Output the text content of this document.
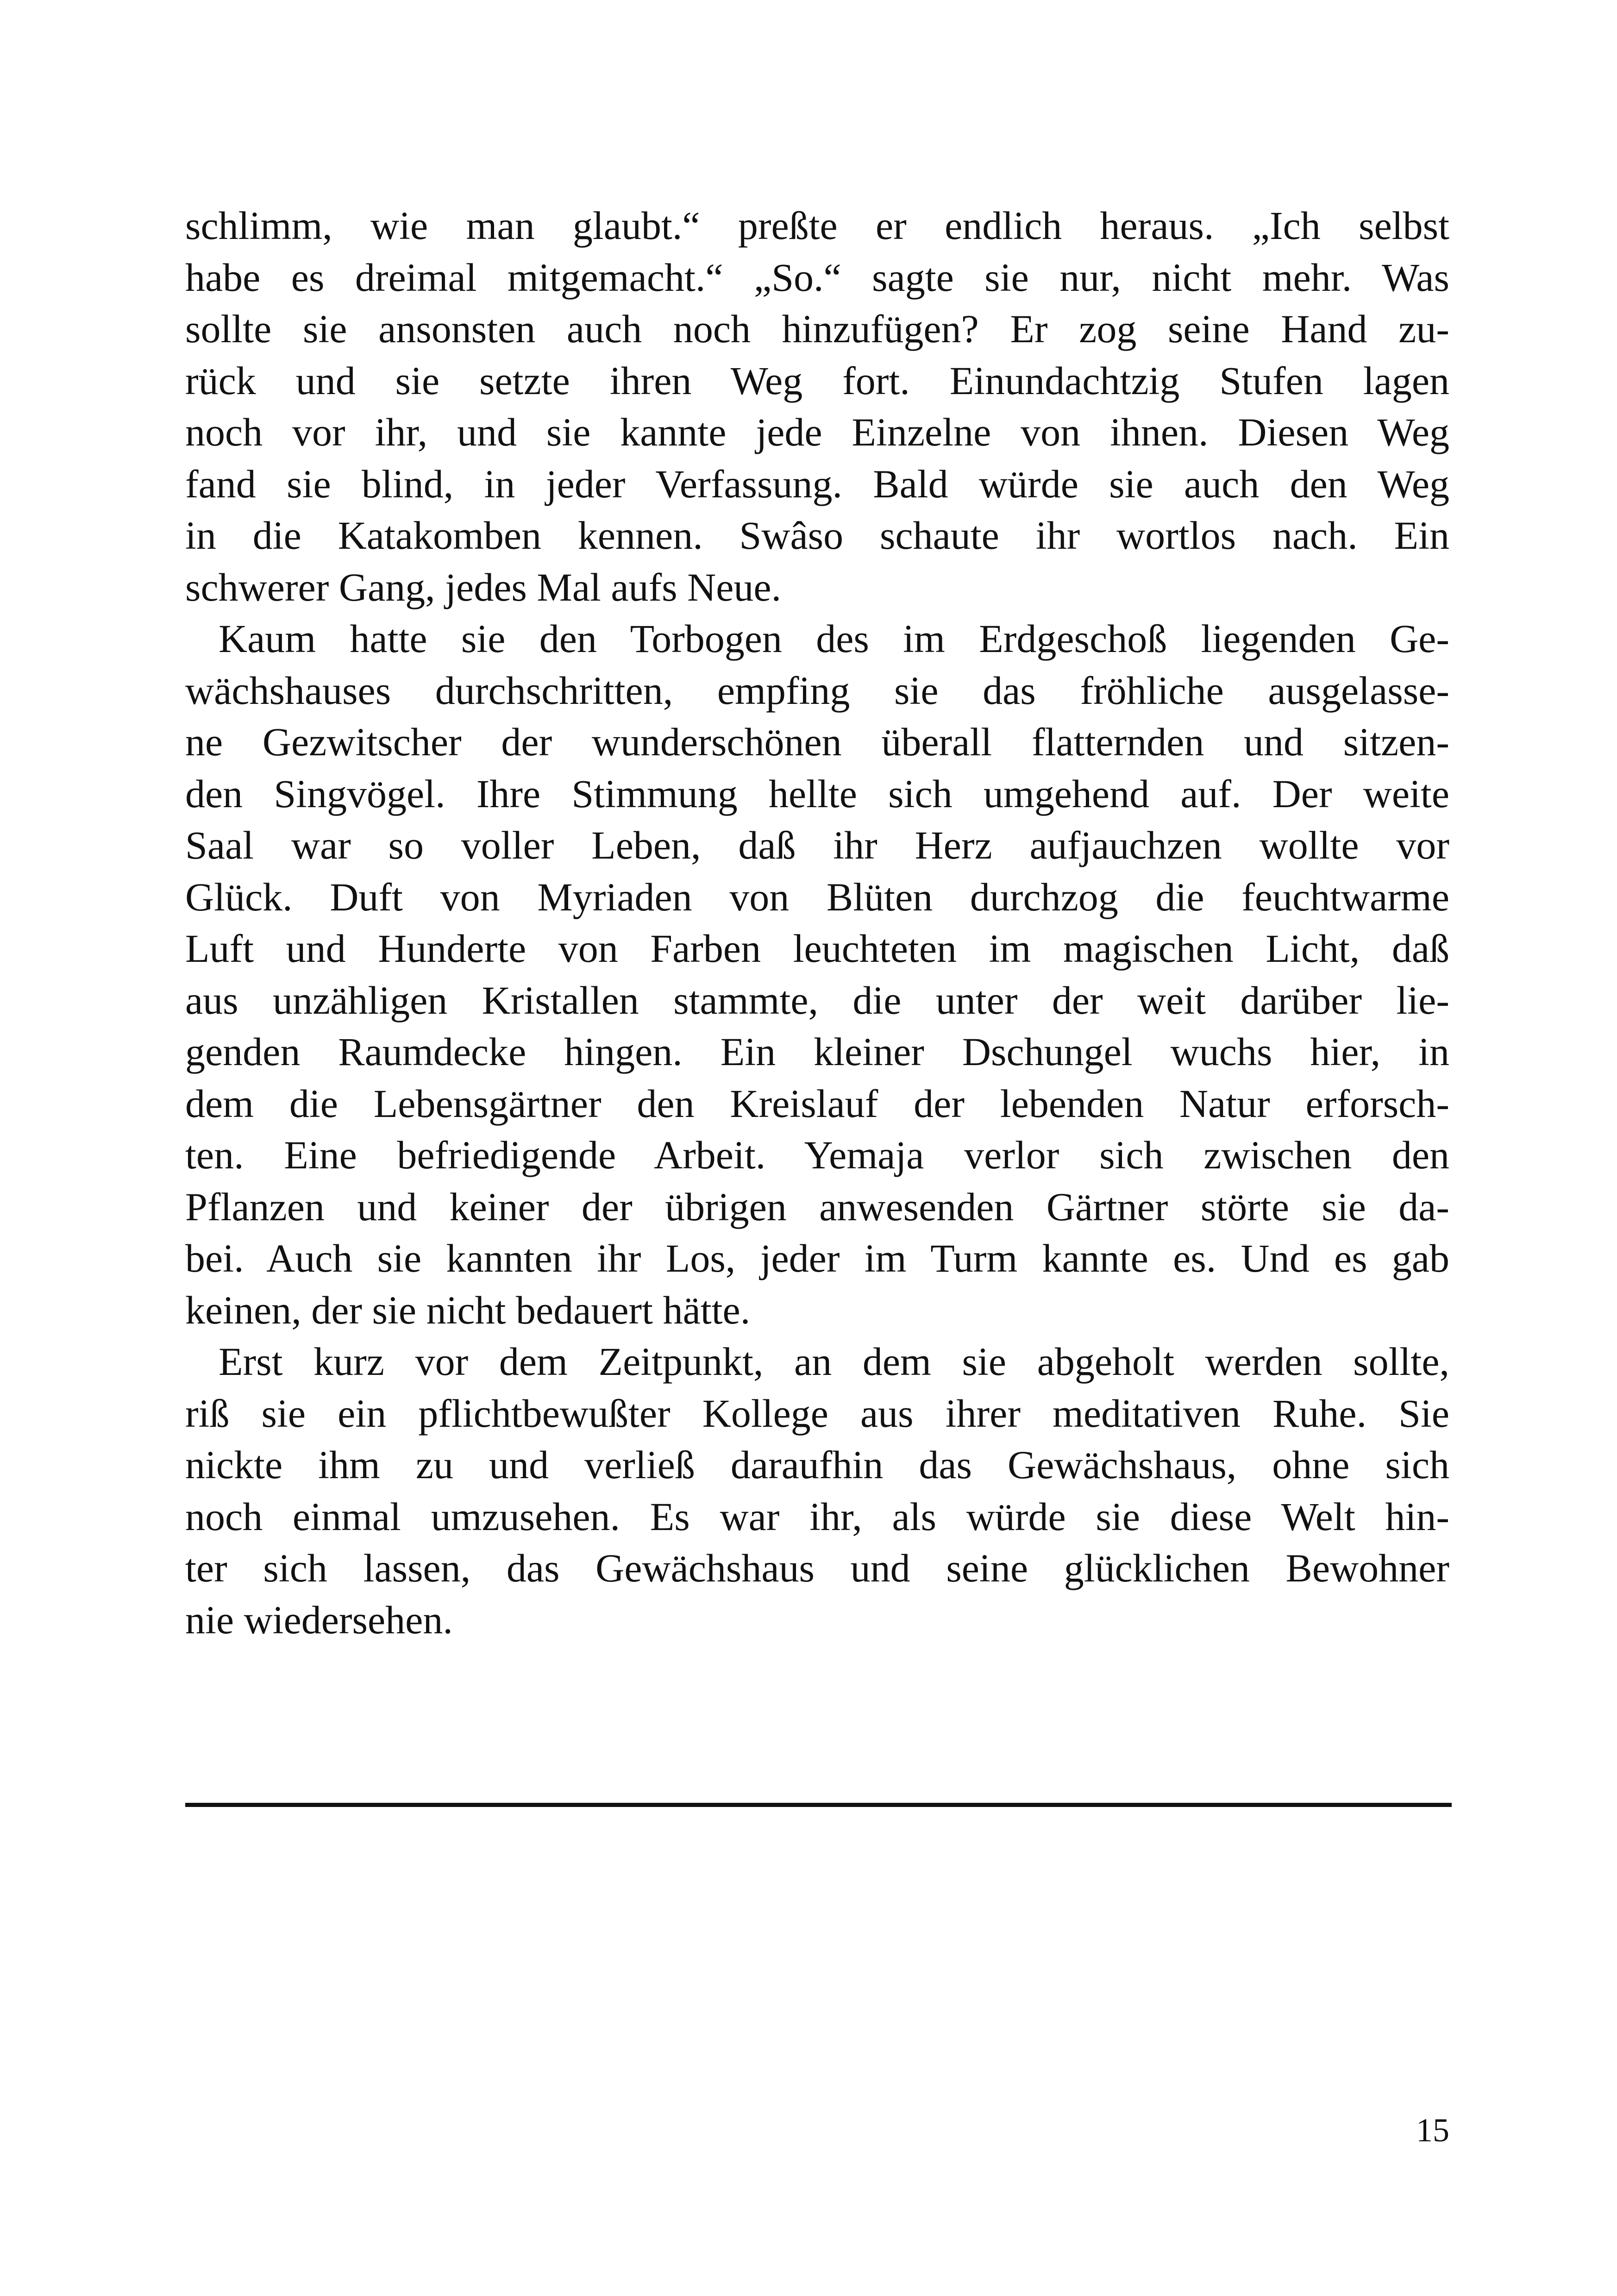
schlimm, wie man glaubt.“ preßte er endlich heraus. „Ich selbst
habe es dreimal mitgemacht.“ „So.“ sagte sie nur, nicht mehr. Was
sollte sie ansonsten auch noch hinzufügen? Er zog seine Hand zu-
rück und sie setzte ihren Weg fort. Einundachtzig Stufen lagen
noch vor ihr, und sie kannte jede Einzelne von ihnen. Diesen Weg
fand sie blind, in jeder Verfassung. Bald würde sie auch den Weg
in die Katakomben kennen. Swâso schaute ihr wortlos nach. Ein
schwerer Gang, jedes Mal aufs Neue.
Kaum hatte sie den Torbogen des im Erdgeschoß liegenden Ge-
wächshauses durchschritten, empfing sie das fröhliche ausgelasse-
ne Gezwitscher der wunderschönen überall flatternden und sitzen-
den Singvögel. Ihre Stimmung hellte sich umgehend auf. Der weite
Saal war so voller Leben, daß ihr Herz aufjauchzen wollte vor
Glück. Duft von Myriaden von Blüten durchzog die feuchtwarme
Luft und Hunderte von Farben leuchteten im magischen Licht, daß
aus unzähligen Kristallen stammte, die unter der weit darüber lie-
genden Raumdecke hingen. Ein kleiner Dschungel wuchs hier, in
dem die Lebensgärtner den Kreislauf der lebenden Natur erforsch-
ten. Eine befriedigende Arbeit. Yemaja verlor sich zwischen den
Pflanzen und keiner der übrigen anwesenden Gärtner störte sie da-
bei. Auch sie kannten ihr Los, jeder im Turm kannte es. Und es gab
keinen, der sie nicht bedauert hätte.
Erst kurz vor dem Zeitpunkt, an dem sie abgeholt werden sollte,
riß sie ein pflichtbewußter Kollege aus ihrer meditativen Ruhe. Sie
nickte ihm zu und verließ daraufhin das Gewächshaus, ohne sich
noch einmal umzusehen. Es war ihr, als würde sie diese Welt hin-
ter sich lassen, das Gewächshaus und seine glücklichen Bewohner
nie wiedersehen.
15
